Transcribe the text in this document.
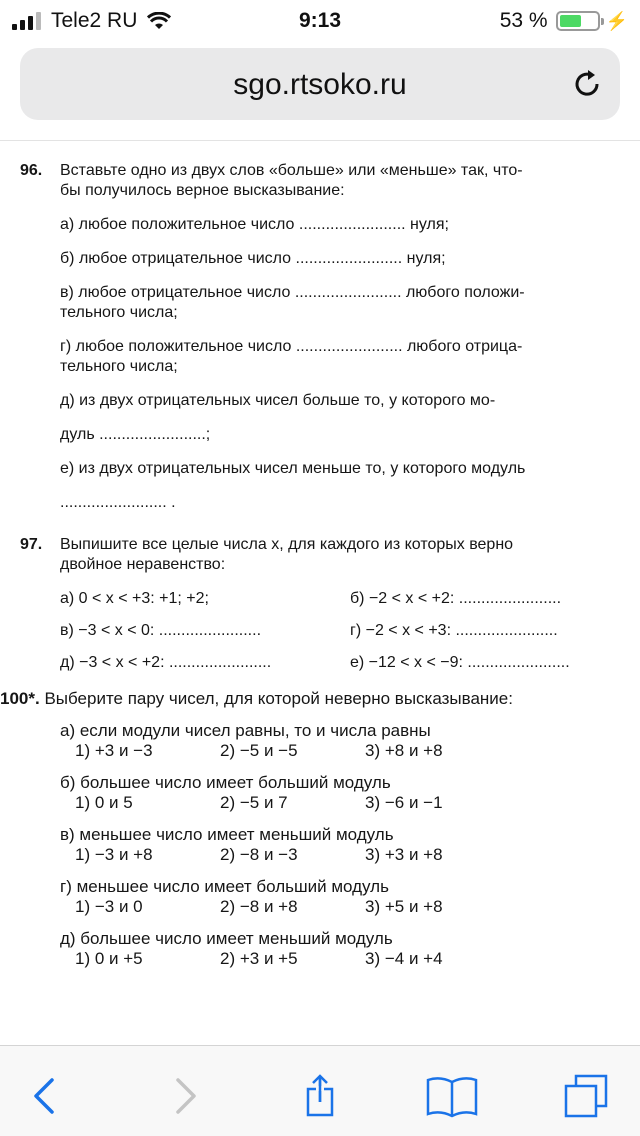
Tele2 RU	9:13	53 %	⚡
sgo.rtsoko.ru
96. Вставьте одно из двух слов «больше» или «меньше» так, что-
бы получилось верное высказывание:
а) любое положительное число ........................ нуля;
б) любое отрицательное число ........................ нуля;
в) любое отрицательное число ........................ любого положи-
тельного числа;
г) любое положительное число ........................ любого отрица-
тельного числа;
д) из двух отрицательных чисел больше то, у которого мо-
дуль ........................;
е) из двух отрицательных чисел меньше то, у которого модуль
........................ .
97. Выпишите все целые числа x, для каждого из которых верно
двойное неравенство:
а) 0 < x < +3: +1; +2;	б) −2 < x < +2: .......................
в) −3 < x < 0: .......................	г) −2 < x < +3: .......................
д) −3 < x < +2: .......................	е) −12 < x < −9: .......................
100*. Выберите пару чисел, для которой неверно высказывание:
а) если модули чисел равны, то и числа равны
1) +3 и −3	2) −5 и −5	3) +8 и +8
б) большее число имеет больший модуль
1) 0 и 5	2) −5 и 7	3) −6 и −1
в) меньшее число имеет меньший модуль
1) −3 и +8	2) −8 и −3	3) +3 и +8
г) меньшее число имеет больший модуль
1) −3 и 0	2) −8 и +8	3) +5 и +8
д) большее число имеет меньший модуль
1) 0 и +5	2) +3 и +5	3) −4 и +4
